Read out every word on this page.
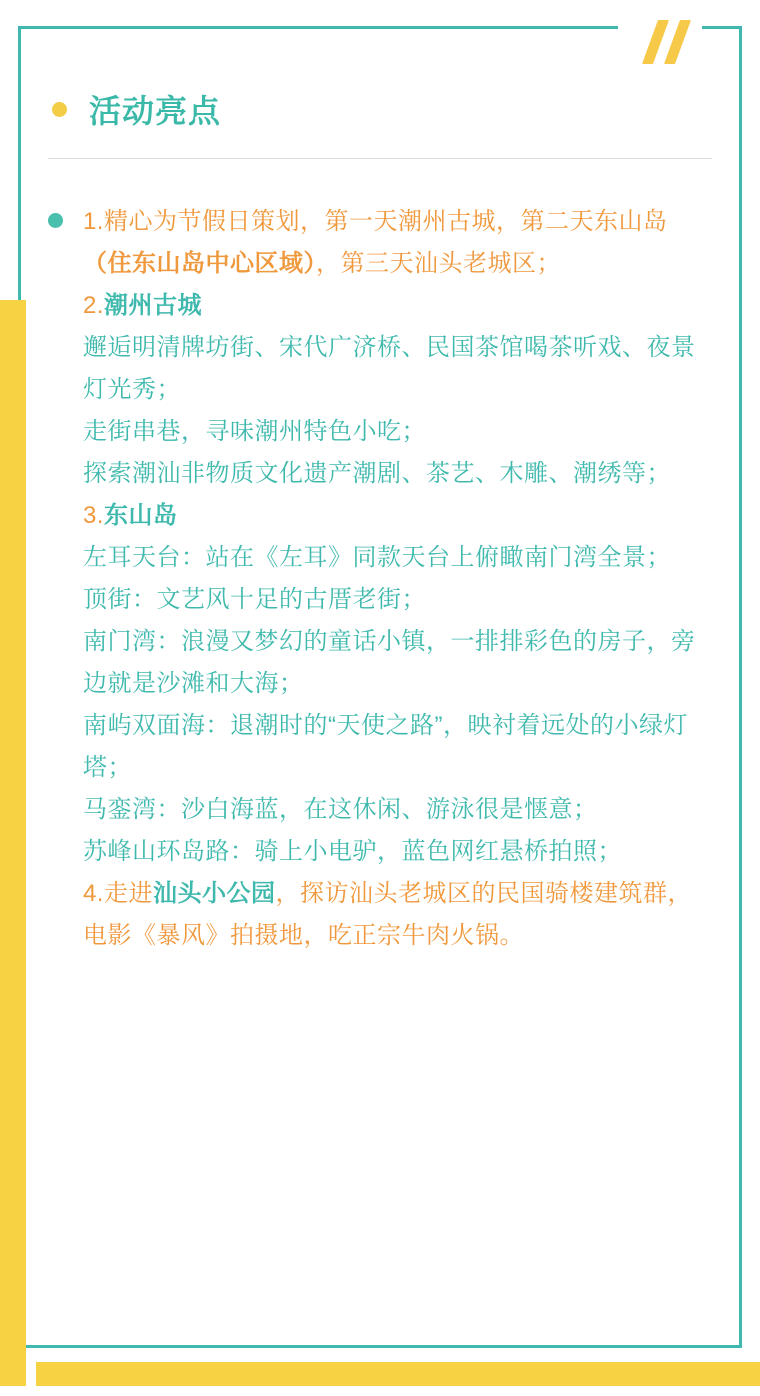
活动亮点

1.精心为节假日策划，第一天潮州古城，第二天东山岛（住东山岛中心区域），第三天汕头老城区；

2.潮州古城

邂逅明清牌坊街、宋代广济桥、民国茶馆喝茶听戏、夜景灯光秀；

走街串巷，寻味潮州特色小吃；

探索潮汕非物质文化遗产潮剧、茶艺、木雕、潮绣等；

3.东山岛

左耳天台：站在《左耳》同款天台上俯瞰南门湾全景；

顶街：文艺风十足的古厝老街；

南门湾：浪漫又梦幻的童话小镇，一排排彩色的房子，旁边就是沙滩和大海；

南屿双面海：退潮时的“天使之路”，映衬着远处的小绿灯塔；

马銮湾：沙白海蓝，在这休闲、游泳很是惬意；

苏峰山环岛路：骑上小电驴，蓝色网红悬桥拍照；

4.走进汕头小公园，探访汕头老城区的民国骑楼建筑群，电影《暴风》拍摄地，吃正宗牛肉火锅。
